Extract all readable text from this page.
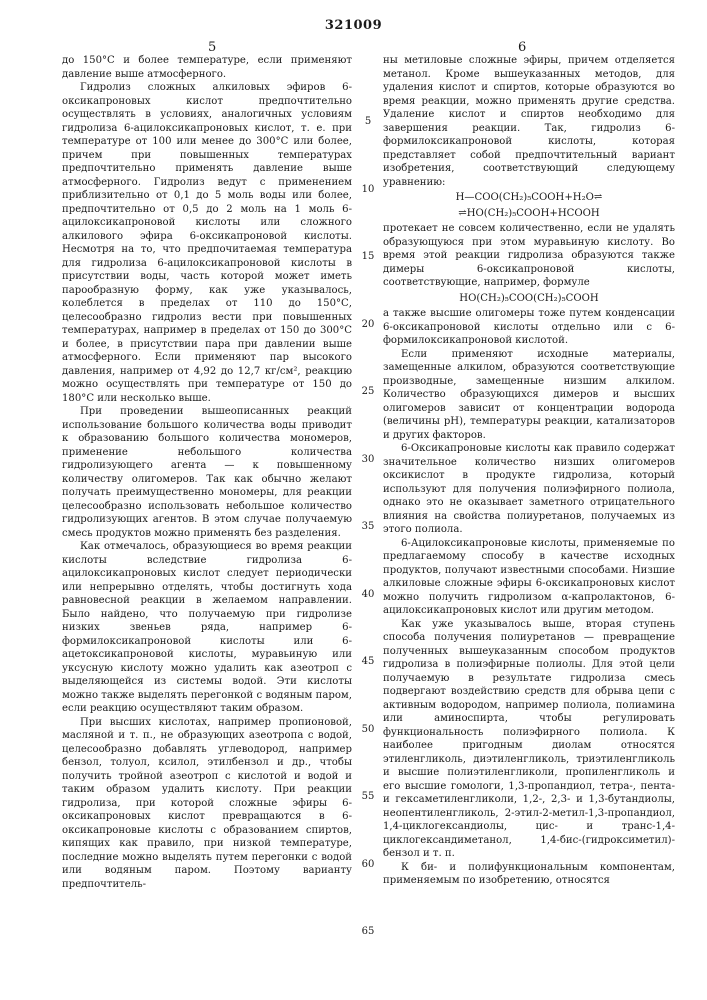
321009
5	6

до 150°C и более температуре, если применяют давление выше атмосферного.

Гидролиз сложных алкиловых эфиров 6-оксикапроновых кислот предпочтительно осуществлять в условиях, аналогичных условиям гидролиза 6-ацилоксикапроновых кислот, т. е. при температуре от 100 или менее до 300°С или более, причем при повышенных температурах предпочтительно применять давление выше атмосферного. Гидролиз ведут с применением приблизительно от 0,1 до 5 моль воды или более, предпочтительно от 0,5 до 2 моль на 1 моль 6-ацилоксикапроновой кислоты или сложного алкилового эфира 6-оксикапроновой кислоты. Несмотря на то, что предпочитаемая температура для гидролиза 6-ацилоксикапроновой кислоты в присутствии воды, часть которой может иметь парообразную форму, как уже указывалось, колеблется в пределах от 110 до 150°С, целесообразно гидролиз вести при повышенных температурах, например в пределах от 150 до 300°С и более, в присутствии пара при давлении выше атмосферного. Если применяют пар высокого давления, например от 4,92 до 12,7 кг/см², реакцию можно осуществлять при температуре от 150 до 180°С или несколько выше.

При проведении вышеописанных реакций использование большого количества воды приводит к образованию большого количества мономеров, применение небольшого количества гидролизующего агента — к повышенному количеству олигомеров. Так как обычно желают получать преимущественно мономеры, для реакции целесообразно использовать небольшое количество гидролизующих агентов. В этом случае получаемую смесь продуктов можно применять без разделения.

Как отмечалось, образующиеся во время реакции кислоты вследствие гидролиза 6-ацилоксикапроновых кислот следует периодически или непрерывно отделять, чтобы достигнуть хода равновесной реакции в желаемом направлении. Было найдено, что получаемую при гидролизе низких звеньев ряда, например 6-формилоксикапроновой кислоты или 6-ацетоксикапроновой кислоты, муравьиную или уксусную кислоту можно удалить как азеотроп с выделяющейся из системы водой. Эти кислоты можно также выделять перегонкой с водяным паром, если реакцию осуществляют таким образом.

При высших кислотах, например пропионовой, масляной и т. п., не образующих азеотропа с водой, целесообразно добавлять углеводород, например бензол, толуол, ксилол, этилбензол и др., чтобы получить тройной азеотроп с кислотой и водой и таким образом удалить кислоту. При реакции гидролиза, при которой сложные эфиры 6-оксикапроновых кислот превращаются в 6-оксикапроновые кислоты с образованием спиртов, кипящих как правило, при низкой температуре, последние можно выделять путем перегонки с водой или водяным паром. Поэтому варианту предпочтитель-

5
10
15
20
25
30
35
40
45
50
55
60
65

ны метиловые сложные эфиры, причем отделяется метанол. Кроме вышеуказанных методов, для удаления кислот и спиртов, которые образуются во время реакции, можно применять другие средства. Удаление кислот и спиртов необходимо для завершения реакции. Так, гидролиз 6-формилоксикапроновой кислоты, которая представляет собой предпочтительный вариант изобретения, соответствующий следующему уравнению:

H—COO(CH₂)₅COOH+H₂O⇌
⇌HO(CH₂)₅COOH+HCOOH

протекает не совсем количественно, если не удалять образующуюся при этом муравьиную кислоту. Во время этой реакции гидролиза образуются также димеры 6-оксикапроновой кислоты, соответствующие, например, формуле

HO(CH₂)₅COO(CH₂)₅COOH

а также высшие олигомеры тоже путем конденсации 6-оксикапроновой кислоты отдельно или с 6-формилоксикапроновой кислотой.

Если применяют исходные материалы, замещенные алкилом, образуются соответствующие производные, замещенные низшим алкилом. Количество образующихся димеров и высших олигомеров зависит от концентрации водорода (величины рН), температуры реакции, катализаторов и других факторов.

6-Оксикапроновые кислоты как правило содержат значительное количество низших олигомеров оксикислот в продукте гидролиза, который используют для получения полиэфирного полиола, однако это не оказывает заметного отрицательного влияния на свойства полиуретанов, получаемых из этого полиола.

6-Ацилоксикапроновые кислоты, применяемые по предлагаемому способу в качестве исходных продуктов, получают известными способами. Низшие алкиловые сложные эфиры 6-оксикапроновых кислот можно получить гидролизом α-капролактонов, 6-ацилоксикапроновых кислот или другим методом.

Как уже указывалось выше, вторая ступень способа получения полиуретанов — превращение полученных вышеуказанным способом продуктов гидролиза в полиэфирные полиолы. Для этой цели получаемую в результате гидролиза смесь подвергают воздействию средств для обрыва цепи с активным водородом, например полиола, полиамина или аминоспирта, чтобы регулировать функциональность полиэфирного полиола. К наиболее пригодным диолам относятся этиленгликоль, диэтиленгликоль, триэтиленгликоль и высшие полиэтиленгликоли, пропиленгликоль и его высшие гомологи, 1,3-пропандиол, тетра-, пента- и гексаметиленгликоли, 1,2-, 2,3- и 1,3-бутандиолы, неопентиленгликоль, 2-этил-2-метил-1,3-пропандиол, 1,4-циклогександиолы, цис- и транс-1,4-циклогександиметанол, 1,4-бис-(гидроксиметил)-бензол и т. п.

К би- и полифункциональным компонентам, применяемым по изобретению, относятся
